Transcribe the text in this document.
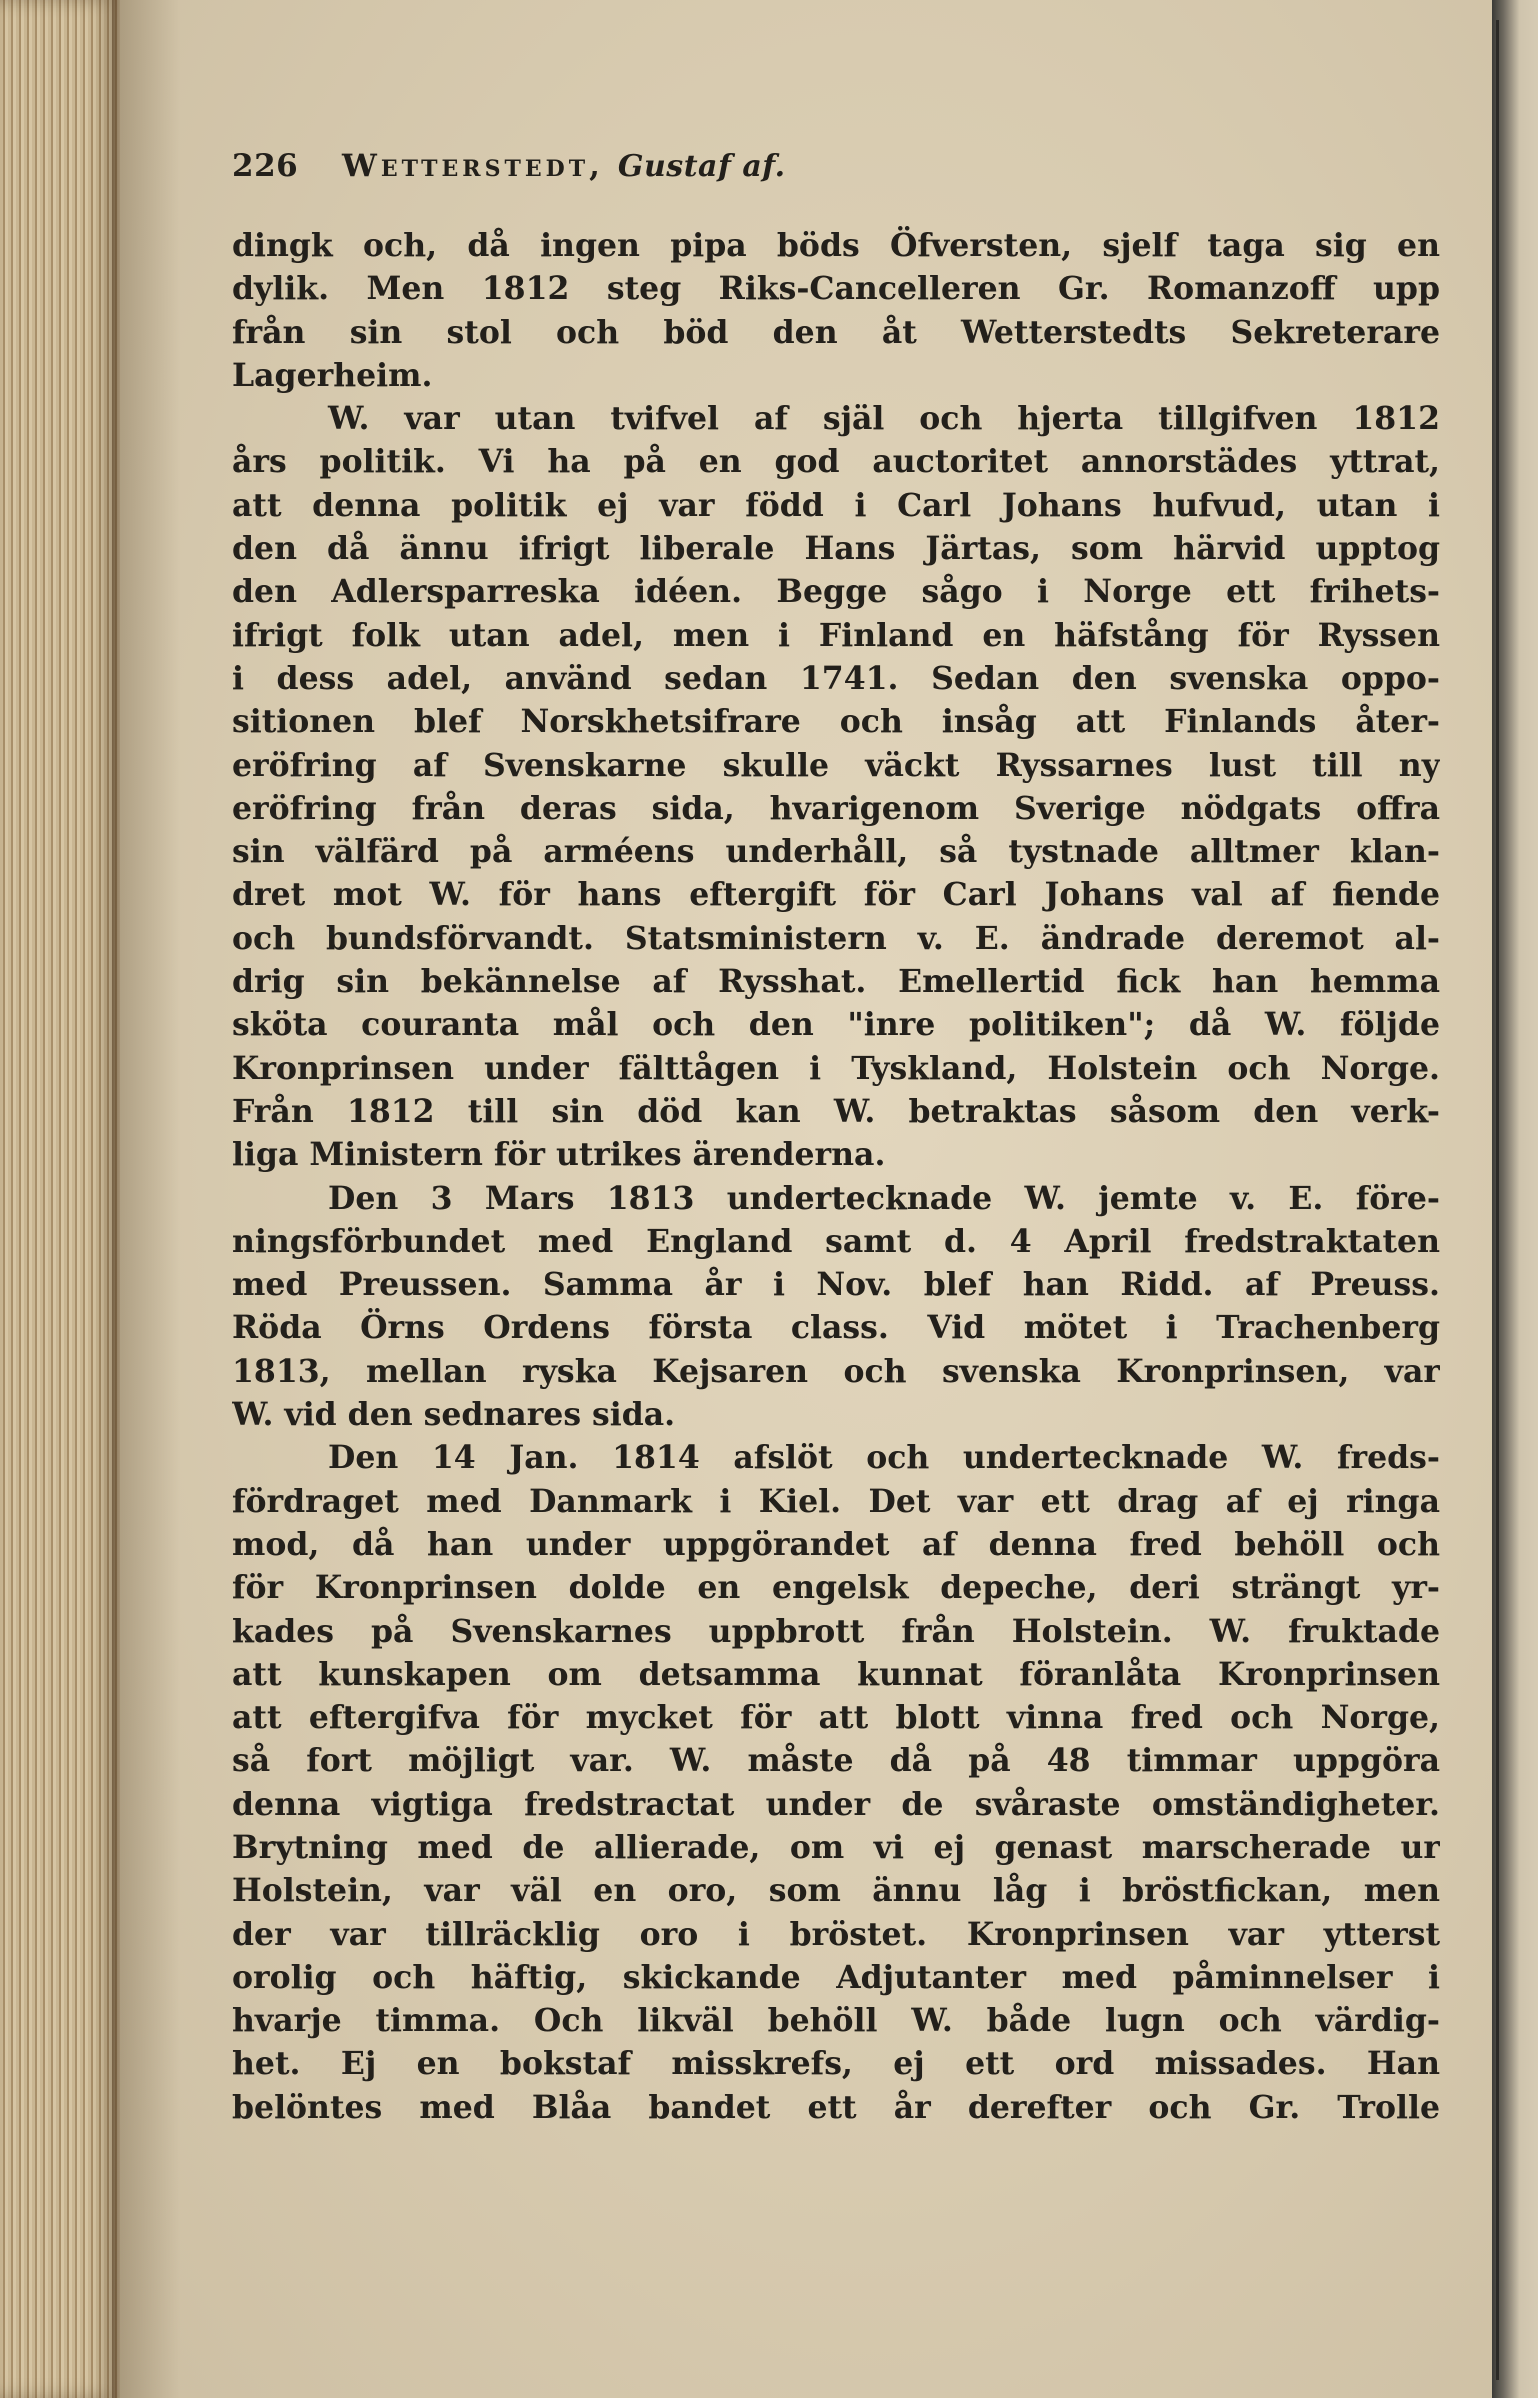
226	Wetterstedt, Gustaf af.
dingk och, då ingen pipa böds Öfversten, sjelf taga sig en
dylik. Men 1812 steg Riks-Cancelleren Gr. Romanzoff upp
från sin stol och böd den åt Wetterstedts Sekreterare
Lagerheim.
W. var utan tvifvel af själ och hjerta tillgifven 1812
års politik. Vi ha på en god auctoritet annorstädes yttrat,
att denna politik ej var född i Carl Johans hufvud, utan i
den då ännu ifrigt liberale Hans Järtas, som härvid upptog
den Adlersparreska idéen. Begge sågo i Norge ett frihets-
ifrigt folk utan adel, men i Finland en häfstång för Ryssen
i dess adel, använd sedan 1741. Sedan den svenska oppo-
sitionen blef Norskhetsifrare och insåg att Finlands åter-
eröfring af Svenskarne skulle väckt Ryssarnes lust till ny
eröfring från deras sida, hvarigenom Sverige nödgats offra
sin välfärd på arméens underhåll, så tystnade alltmer klan-
dret mot W. för hans eftergift för Carl Johans val af fiende
och bundsförvandt. Statsministern v. E. ändrade deremot al-
drig sin bekännelse af Rysshat. Emellertid fick han hemma
sköta couranta mål och den "inre politiken"; då W. följde
Kronprinsen under fälttågen i Tyskland, Holstein och Norge.
Från 1812 till sin död kan W. betraktas såsom den verk-
liga Ministern för utrikes ärenderna.
Den 3 Mars 1813 undertecknade W. jemte v. E. före-
ningsförbundet med England samt d. 4 April fredstraktaten
med Preussen. Samma år i Nov. blef han Ridd. af Preuss.
Röda Örns Ordens första class. Vid mötet i Trachenberg
1813, mellan ryska Kejsaren och svenska Kronprinsen, var
W. vid den sednares sida.
Den 14 Jan. 1814 afslöt och undertecknade W. freds-
fördraget med Danmark i Kiel. Det var ett drag af ej ringa
mod, då han under uppgörandet af denna fred behöll och
för Kronprinsen dolde en engelsk depeche, deri strängt yr-
kades på Svenskarnes uppbrott från Holstein. W. fruktade
att kunskapen om detsamma kunnat föranlåta Kronprinsen
att eftergifva för mycket för att blott vinna fred och Norge,
så fort möjligt var. W. måste då på 48 timmar uppgöra
denna vigtiga fredstractat under de svåraste omständigheter.
Brytning med de allierade, om vi ej genast marscherade ur
Holstein, var väl en oro, som ännu låg i bröstfickan, men
der var tillräcklig oro i bröstet. Kronprinsen var ytterst
orolig och häftig, skickande Adjutanter med påminnelser i
hvarje timma. Och likväl behöll W. både lugn och värdig-
het. Ej en bokstaf misskrefs, ej ett ord missades. Han
belöntes med Blåa bandet ett år derefter och Gr. Trolle
